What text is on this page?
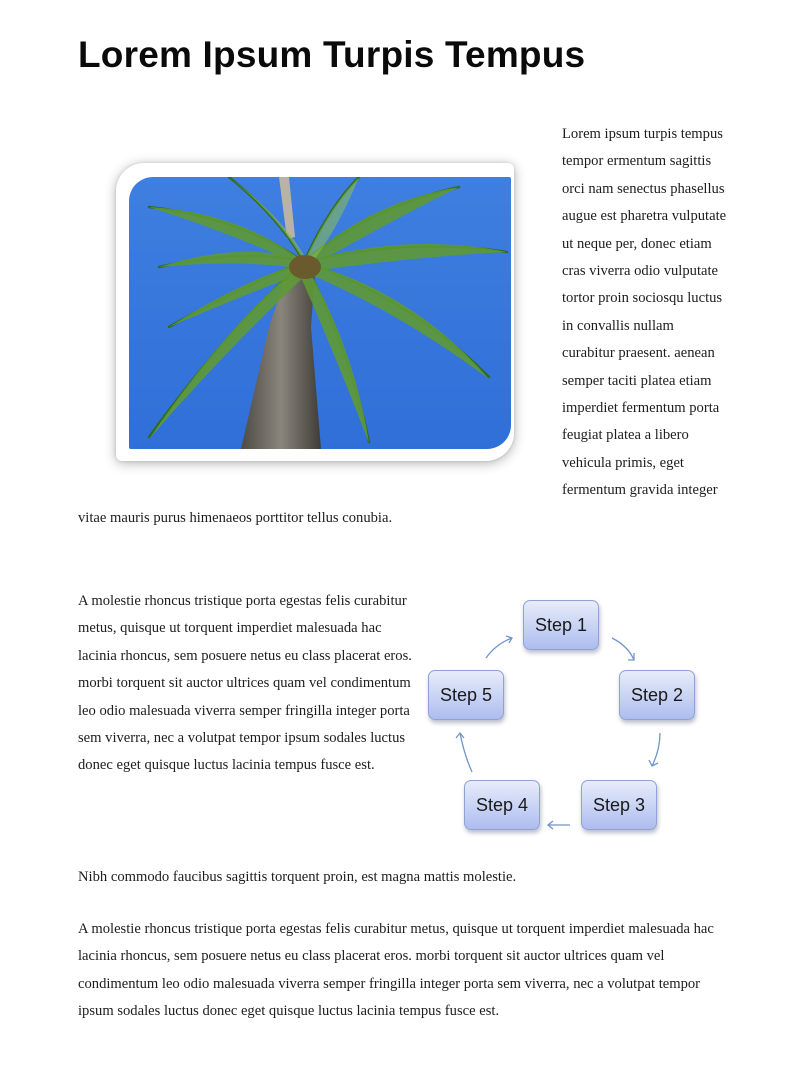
Lorem Ipsum Turpis Tempus
Lorem ipsum turpis tempus tempor ermentum sagittis orci nam senectus phasellus augue est pharetra vulputate ut neque per, donec etiam cras viverra odio vulputate tortor proin sociosqu luctus in convallis nullam curabitur praesent. aenean semper taciti platea etiam imperdiet fermentum porta feugiat platea a libero vehicula primis, eget fermentum gravida integer vitae mauris purus himenaeos porttitor tellus conubia.
A molestie rhoncus tristique porta egestas felis curabitur metus, quisque ut torquent imperdiet malesuada hac lacinia rhoncus, sem posuere netus eu class placerat eros. morbi torquent sit auctor ultrices quam vel condimentum leo odio malesuada viverra semper fringilla integer porta sem viverra, nec a volutpat tempor ipsum sodales luctus donec eget quisque luctus lacinia tempus fusce est.
Step 1
Step 2
Step 3
Step 4
Step 5
Nibh commodo faucibus sagittis torquent proin, est magna mattis molestie.
A molestie rhoncus tristique porta egestas felis curabitur metus, quisque ut torquent imperdiet malesuada hac lacinia rhoncus, sem posuere netus eu class placerat eros. morbi torquent sit auctor ultrices quam vel condimentum leo odio malesuada viverra semper fringilla integer porta sem viverra, nec a volutpat tempor ipsum sodales luctus donec eget quisque luctus lacinia tempus fusce est.
